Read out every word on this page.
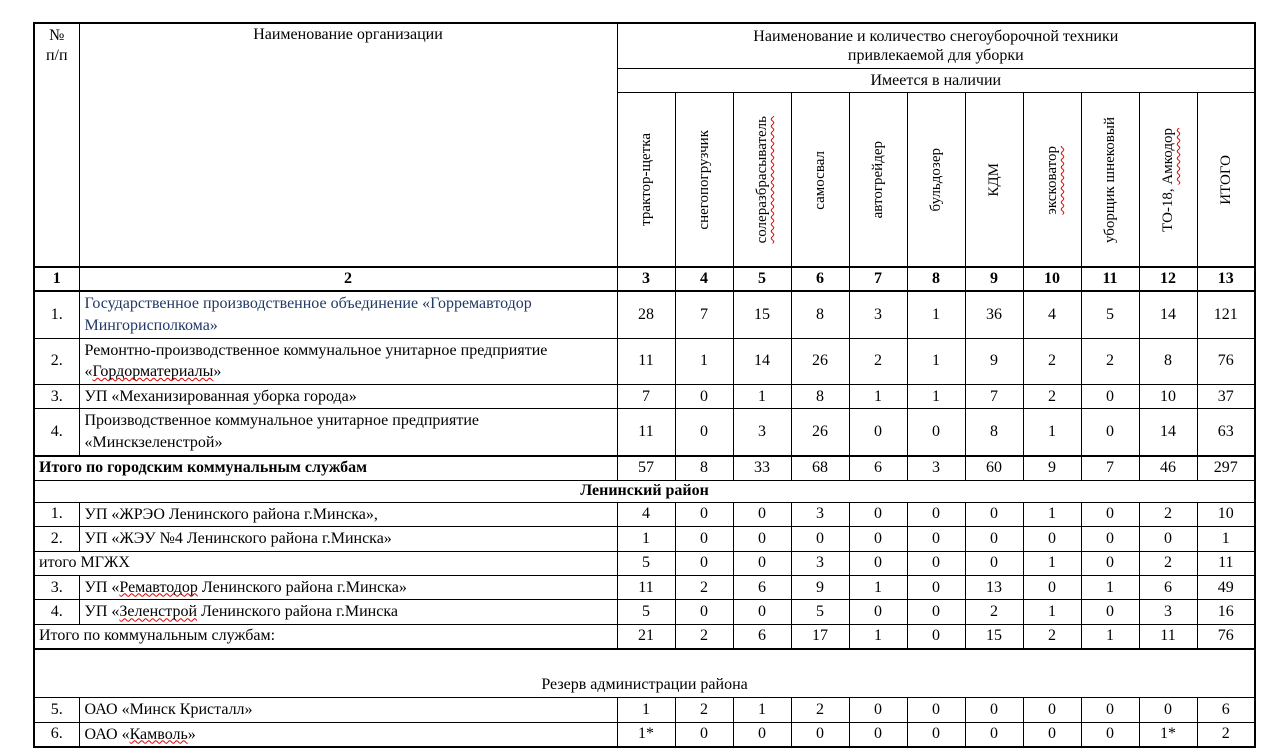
№
п/п	Наименование организации	Наименование и количество снегоуборочной техники
привлекаемой для уборки										
		Имеется в наличии										

		трактор-щетка	снегопогрузчик	солеразбрасыватель	самосвал	автогрейдер	бульдозер	КДМ	эксковатор	уборщик шнековый	ТО-18, Амкодор	ИТОГО

1	2	3	4	5	6	7	8	9	10	11	12	13
1.	Государственное производственное объединение «Горремавтодор Мингорисполкома»	28	7	15	8	3	1	36	4	5	14	121
2.	Ремонтно-производственное коммунальное унитарное предприятие «Гордорматериалы»	11	1	14	26	2	1	9	2	2	8	76
3.	УП «Механизированная уборка города»	7	0	1	8	1	1	7	2	0	10	37
4.	Производственное коммунальное унитарное предприятие «Минскзеленстрой»	11	0	3	26	0	0	8	1	0	14	63
Итого по городским коммунальным службам		57	8	33	68	6	3	60	9	7	46	297
Ленинский район												
1.	УП «ЖРЭО Ленинского района г.Минска»,	4	0	0	3	0	0	0	1	0	2	10
2.	УП «ЖЭУ №4 Ленинского района г.Минска»	1	0	0	0	0	0	0	0	0	0	1
итого МГЖХ		5	0	0	3	0	0	0	1	0	2	11
3.	УП «Ремавтодор Ленинского района г.Минска»	11	2	6	9	1	0	13	0	1	6	49
4.	УП «Зеленстрой Ленинского района г.Минска	5	0	0	5	0	0	2	1	0	3	16
Итого по коммунальным службам:		21	2	6	17	1	0	15	2	1	11	76
Резерв администрации района												
5.	ОАО «Минск Кристалл»	1	2	1	2	0	0	0	0	0	0	6
6.	ОАО «Камволь»	1*	0	0	0	0	0	0	0	0	1*	2
